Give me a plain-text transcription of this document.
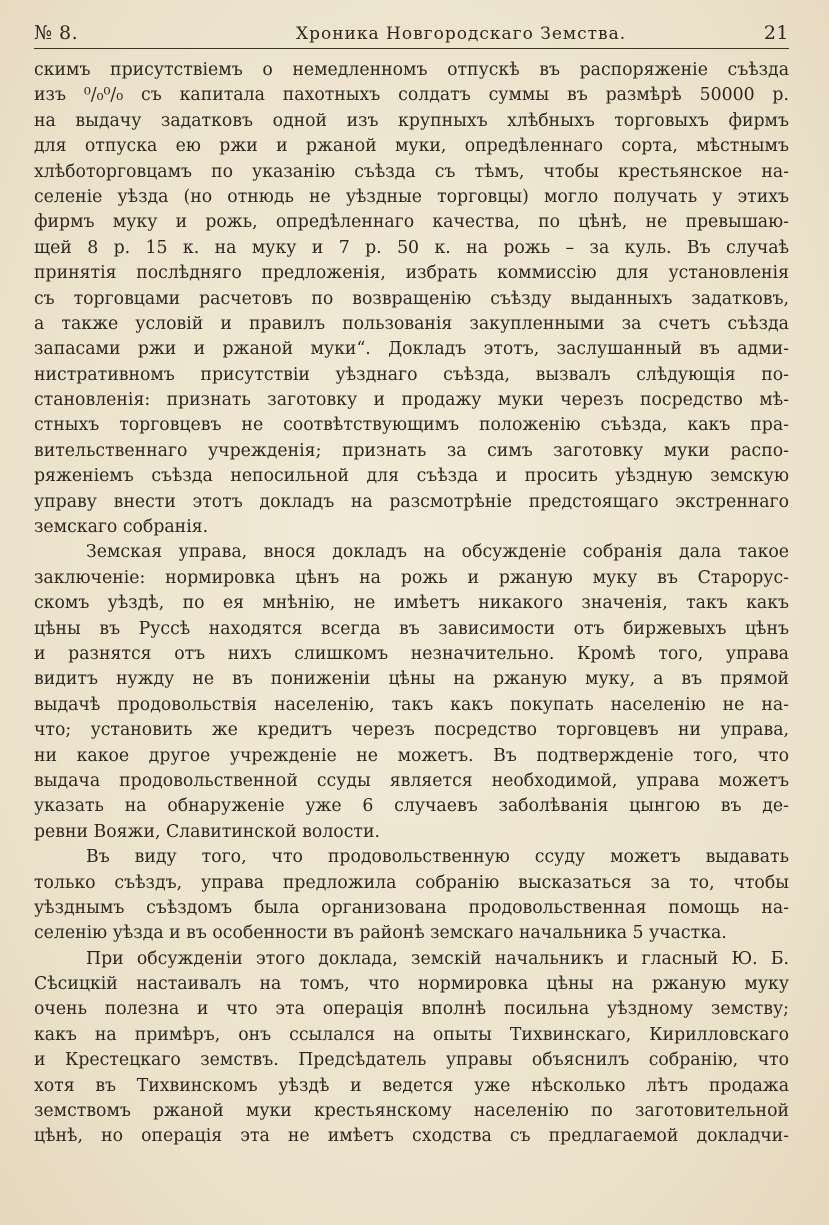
№ 8.	Хроника Новгородскаго Земства.	21
скимъ присутствіемъ о немедленномъ отпускѣ въ распоряженіе съѣзда
изъ ⁰/₀⁰/₀ съ капитала пахотныхъ солдатъ суммы въ размѣрѣ 50000 р.
на выдачу задатковъ одной изъ крупныхъ хлѣбныхъ торговыхъ фирмъ
для отпуска ею ржи и ржаной муки, опредѣленнаго сорта, мѣстнымъ
хлѣботорговцамъ по указанію съѣзда съ тѣмъ, чтобы крестьянское на-
селеніе уѣзда (но отнюдь не уѣздные торговцы) могло получать у этихъ
фирмъ муку и рожь, опредѣленнаго качества, по цѣнѣ, не превышаю-
щей 8 р. 15 к. на муку и 7 р. 50 к. на рожь – за куль. Въ случаѣ
принятія послѣдняго предложенія, избрать коммиссію для установленія
съ торговцами расчетовъ по возвращенію съѣзду выданныхъ задатковъ,
а также условій и правилъ пользованія закупленными за счетъ съѣзда
запасами ржи и ржаной муки“. Докладъ этотъ, заслушанный въ адми-
нистративномъ присутствіи уѣзднаго съѣзда, вызвалъ слѣдующія по-
становленія: признать заготовку и продажу муки черезъ посредство мѣ-
стныхъ торговцевъ не соотвѣтствующимъ положенію съѣзда, какъ пра-
вительственнаго учрежденія; признать за симъ заготовку муки распо-
ряженіемъ съѣзда непосильной для съѣзда и просить уѣздную земскую
управу внести этотъ докладъ на разсмотрѣніе предстоящаго экстреннаго
земскаго собранія.
Земская управа, внося докладъ на обсужденіе собранія дала такое
заключеніе: нормировка цѣнъ на рожь и ржаную муку въ Старорус-
скомъ уѣздѣ, по ея мнѣнію, не имѣетъ никакого значенія, такъ какъ
цѣны въ Руссѣ находятся всегда въ зависимости отъ биржевыхъ цѣнъ
и разнятся отъ нихъ слишкомъ незначительно. Кромѣ того, управа
видитъ нужду не въ пониженіи цѣны на ржаную муку, а въ прямой
выдачѣ продовольствія населенію, такъ какъ покупать населенію не на-
что; установить же кредитъ черезъ посредство торговцевъ ни управа,
ни какое другое учрежденіе не можетъ. Въ подтвержденіе того, что
выдача продовольственной ссуды является необходимой, управа можетъ
указать на обнаруженіе уже 6 случаевъ заболѣванія цынгою въ де-
ревни Вояжи, Славитинской волости.
Въ виду того, что продовольственную ссуду можетъ выдавать
только съѣздъ, управа предложила собранію высказаться за то, чтобы
уѣзднымъ съѣздомъ была организована продовольственная помощь на-
селенію уѣзда и въ особенности въ районѣ земскаго начальника 5 участка.
При обсужденіи этого доклада, земскій начальникъ и гласный Ю. Б.
Сѣсицкій настаивалъ на томъ, что нормировка цѣны на ржаную муку
очень полезна и что эта операція вполнѣ посильна уѣздному земству;
какъ на примѣръ, онъ ссылался на опыты Тихвинскаго, Кирилловскаго
и Крестецкаго земствъ. Предсѣдатель управы объяснилъ собранію, что
хотя въ Тихвинскомъ уѣздѣ и ведется уже нѣсколько лѣтъ продажа
земствомъ ржаной муки крестьянскому населенію по заготовительной
цѣнѣ, но операція эта не имѣетъ сходства съ предлагаемой докладчи-
